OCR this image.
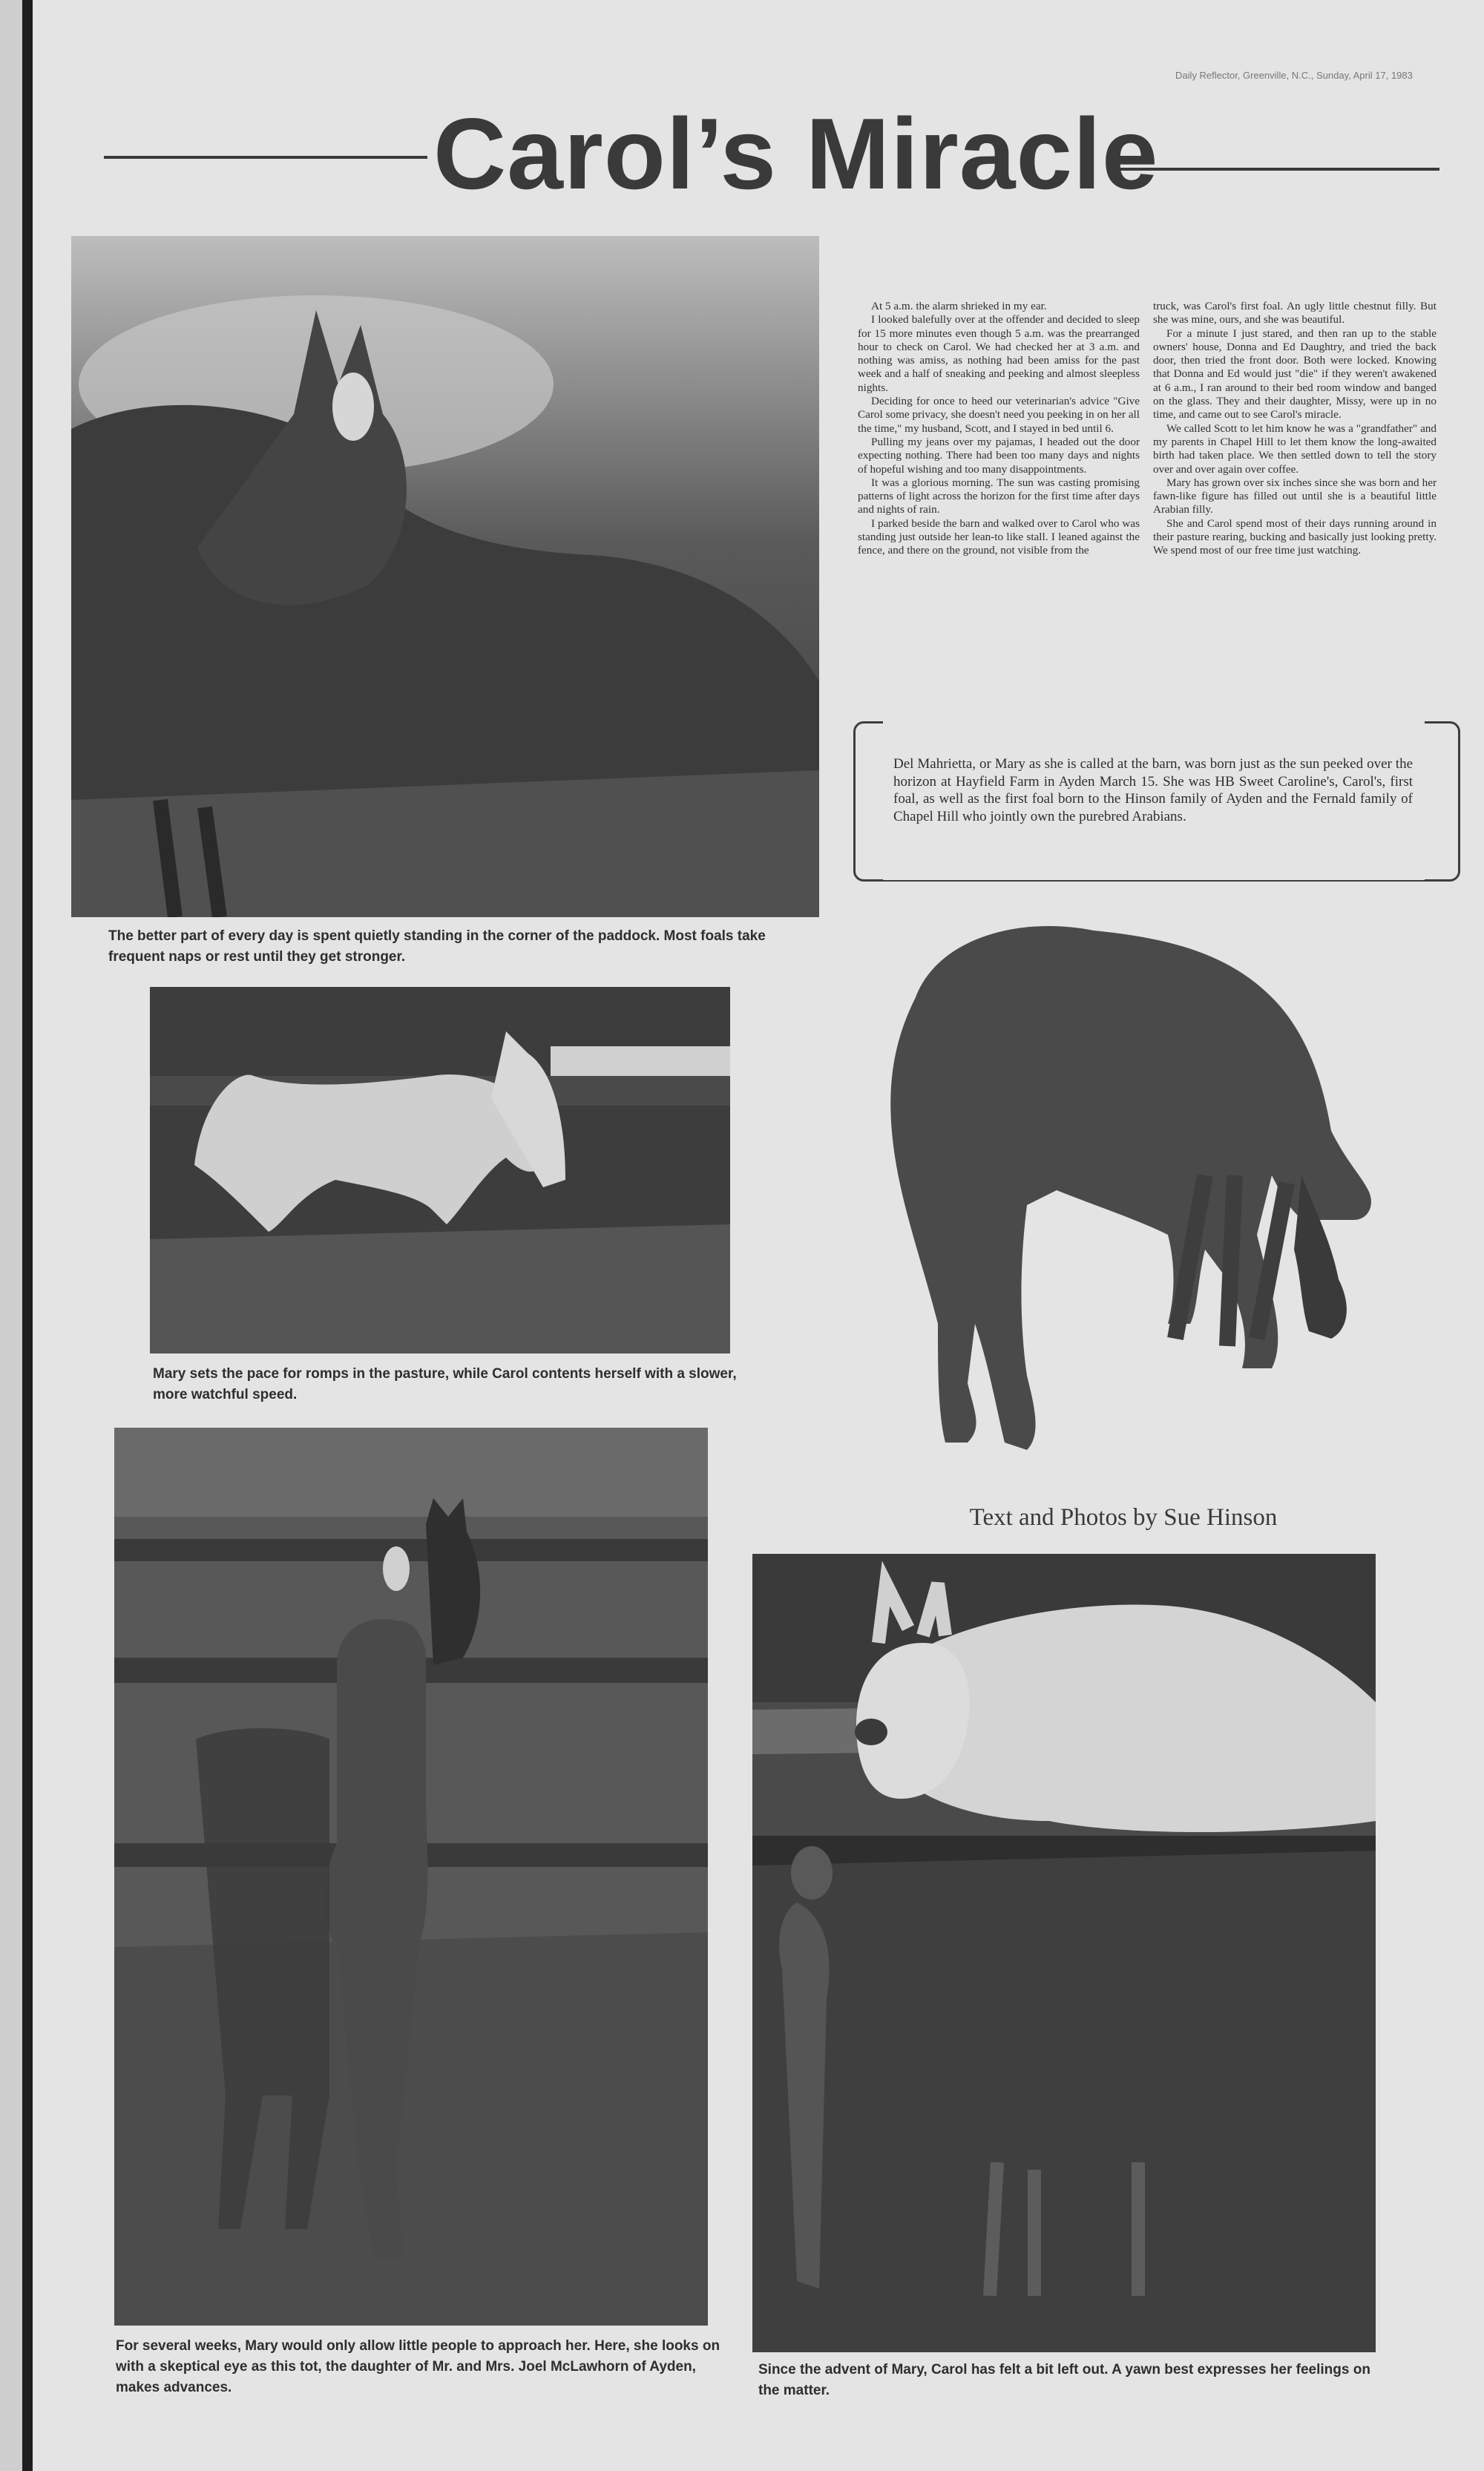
Daily Reflector, Greenville, N.C., Sunday, April 17, 1983
Carol’s Miracle
The better part of every day is spent quietly standing in the corner of the paddock. Most foals take frequent naps or rest until they get stronger.

At 5 a.m. the alarm shrieked in my ear.

I looked balefully over at the offender and decided to sleep for 15 more minutes even though 5 a.m. was the prearranged hour to check on Carol. We had checked her at 3 a.m. and nothing was amiss, as nothing had been amiss for the past week and a half of sneaking and peeking and almost sleepless nights.

Deciding for once to heed our veterinarian's advice "Give Carol some privacy, she doesn't need you peeking in on her all the time," my husband, Scott, and I stayed in bed until 6.

Pulling my jeans over my pajamas, I headed out the door expecting nothing. There had been too many days and nights of hopeful wishing and too many disappointments.

It was a glorious morning. The sun was casting promising patterns of light across the horizon for the first time after days and nights of rain.

I parked beside the barn and walked over to Carol who was standing just outside her lean-to like stall. I leaned against the fence, and there on the ground, not visible from the

truck, was Carol's first foal. An ugly little chestnut filly. But she was mine, ours, and she was beautiful.

For a minute I just stared, and then ran up to the stable owners' house, Donna and Ed Daughtry, and tried the back door, then tried the front door. Both were locked. Knowing that Donna and Ed would just "die" if they weren't awakened at 6 a.m., I ran around to their bed room window and banged on the glass. They and their daughter, Missy, were up in no time, and came out to see Carol's miracle.

We called Scott to let him know he was a "grandfather" and my parents in Chapel Hill to let them know the long-awaited birth had taken place. We then settled down to tell the story over and over again over coffee.

Mary has grown over six inches since she was born and her fawn-like figure has filled out until she is a beautiful little Arabian filly.

She and Carol spend most of their days running around in their pasture rearing, bucking and basically just looking pretty. We spend most of our free time just watching.

Del Mahrietta, or Mary as she is called at the barn, was born just as the sun peeked over the horizon at Hayfield Farm in Ayden March 15. She was HB Sweet Caroline's, Carol's, first foal, as well as the first foal born to the Hinson family of Ayden and the Fernald family of Chapel Hill who jointly own the purebred Arabians.
Mary sets the pace for romps in the pasture, while Carol contents herself with a slower, more watchful speed.
Text and Photos by Sue Hinson
For several weeks, Mary would only allow little people to approach her. Here, she looks on with a skeptical eye as this tot, the daughter of Mr. and Mrs. Joel McLawhorn of Ayden, makes advances.
Since the advent of Mary, Carol has felt a bit left out. A yawn best expresses her feelings on the matter.
